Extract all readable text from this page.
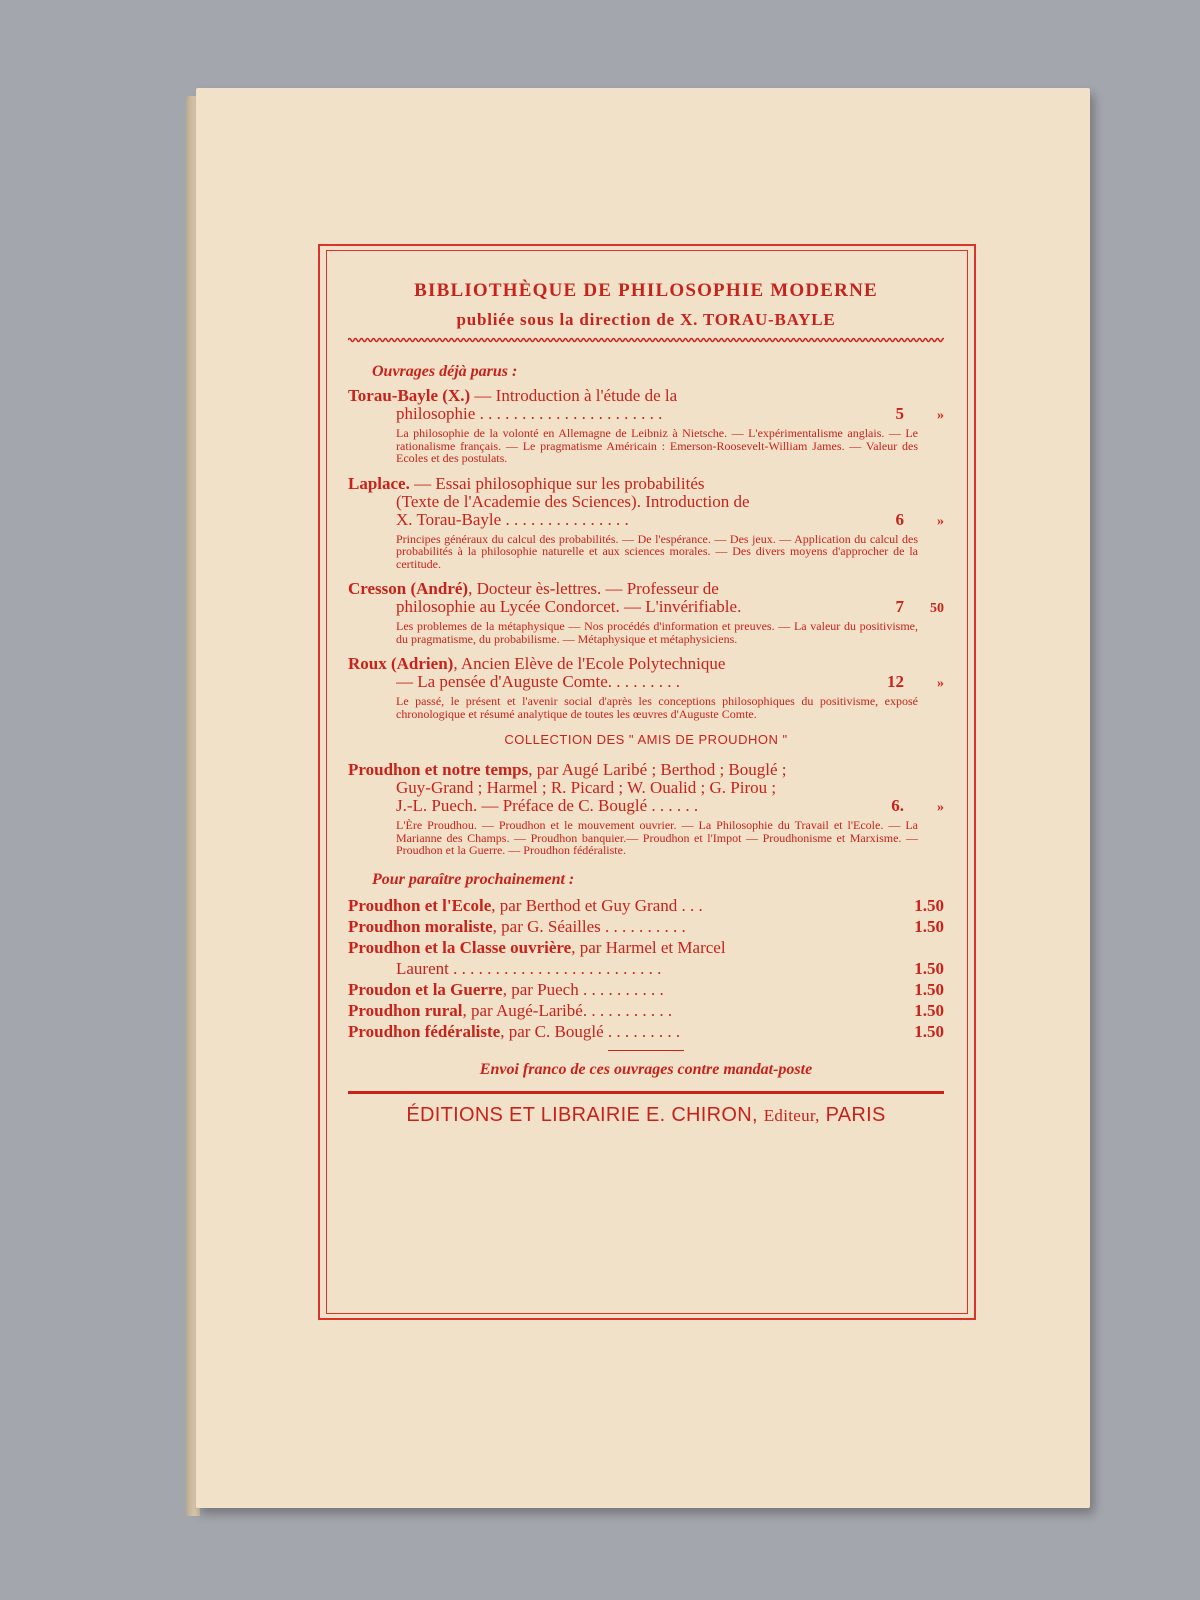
BIBLIOTHÈQUE DE PHILOSOPHIE MODERNE
publiée sous la direction de X. TORAU-BAYLE
Ouvrages déjà parus :
Torau-Bayle (X.) — Introduction à l'étude de la
philosophie . . . . . . . . . . . . . . . . . . . . . .	5	»
La philosophie de la volonté en Allemagne de Leibniz à Nietsche. — L'expérimentalisme anglais. — Le rationalisme français. — Le pragmatisme Américain : Emerson-Roosevelt-William James. — Valeur des Ecoles et des postulats.
Laplace. — Essai philosophique sur les probabilités
(Texte de l'Academie des Sciences). Introduction de
X. Torau-Bayle . . . . . . . . . . . . . . .	6	»
Principes généraux du calcul des probabilités. — De l'espérance. — Des jeux. — Application du calcul des probabilités à la philosophie naturelle et aux sciences morales. — Des divers moyens d'approcher de la certitude.
Cresson (André), Docteur ès-lettres. — Professeur de
philosophie au Lycée Condorcet. — L'invérifiable.	7	50
Les problemes de la métaphysique — Nos procédés d'information et preuves. — La valeur du positivisme, du pragmatisme, du probabilisme. — Métaphysique et métaphysiciens.
Roux (Adrien), Ancien Elève de l'Ecole Polytechnique
— La pensée d'Auguste Comte. . . . . . . . .	12	»
Le passé, le présent et l'avenir social d'après les conceptions philosophiques du positivisme, exposé chronologique et résumé analytique de toutes les œuvres d'Auguste Comte.
COLLECTION DES " AMIS DE PROUDHON "
Proudhon et notre temps, par Augé Laribé ; Berthod ; Bouglé ;
Guy-Grand ; Harmel ; R. Picard ; W. Oualid ; G. Pirou ;
J.-L. Puech. — Préface de C. Bouglé . . . . . .	6.	»
L'Ère Proudhou. — Proudhon et le mouvement ouvrier. — La Philosophie du Travail et l'Ecole. — La Marianne des Champs. — Proudhon banquier.— Proudhon et l'Impot — Proudhonisme et Marxisme. — Proudhon et la Guerre. — Proudhon fédéraliste.
Pour paraître prochainement :
Proudhon et l'Ecole, par Berthod et Guy Grand . . .	1.50
Proudhon moraliste, par G. Séailles . . . . . . . . . .	1.50
Proudhon et la Classe ouvrière, par Harmel et Marcel
Laurent . . . . . . . . . . . . . . . . . . . . . . . . .	1.50
Proudon et la Guerre, par Puech . . . . . . . . . .	1.50
Proudhon rural, par Augé-Laribé. . . . . . . . . . .	1.50
Proudhon fédéraliste, par C. Bouglé . . . . . . . . .	1.50
Envoi franco de ces ouvrages contre mandat-poste
ÉDITIONS ET LIBRAIRIE E. CHIRON, Editeur, PARIS
